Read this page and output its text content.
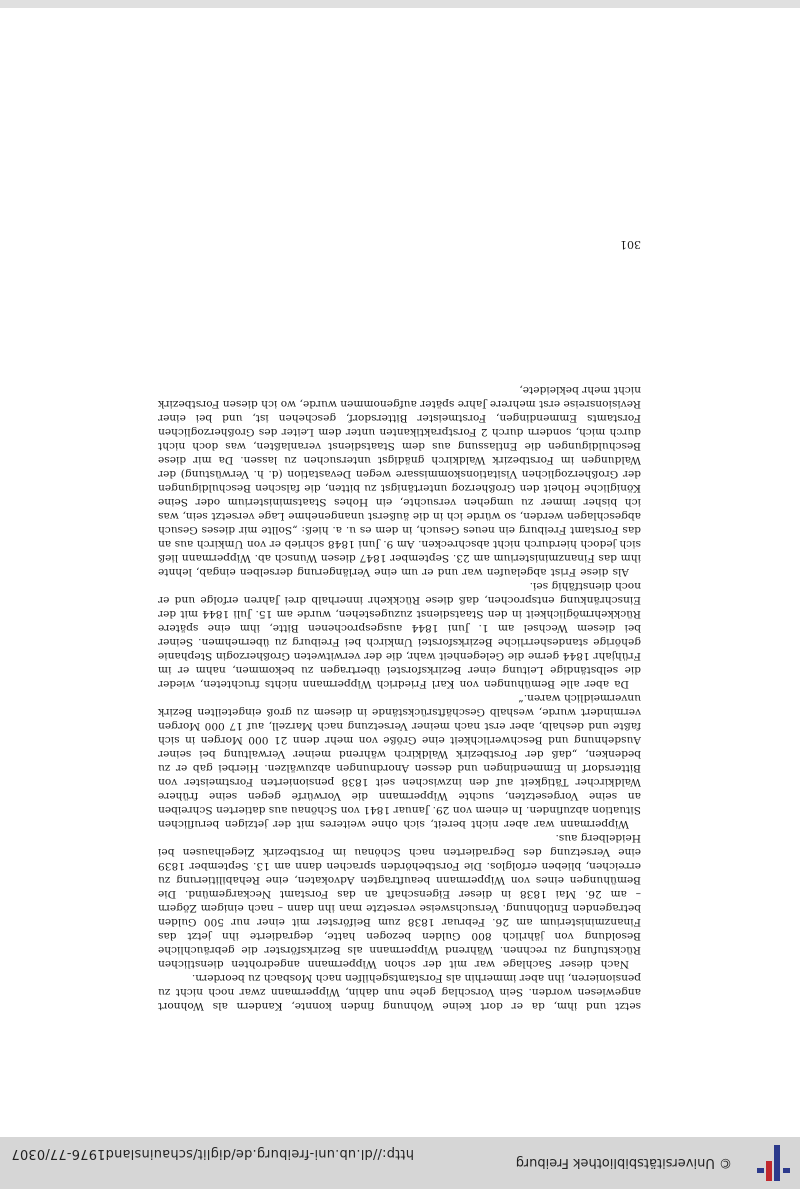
setzt und ihm, da er dort keine Wohnung finden konnte, Kandern als Wohnort angewiesen worden. Sein Vorschlag gehe nun dahin, Wippermann zwar noch nicht zu pensionieren, ihn aber immerhin als Forstamtsgehilfen nach Mosbach zu beordern.

Nach dieser Sachlage war mit der schon Wippermann angedrohten dienstlichen Rückstufung zu rechnen. Während Wippermann als Bezirksförster die gebräuchliche Besoldung von jährlich 800 Gulden bezogen hatte, degradierte ihn jetzt das Finanzministerium am 26. Februar 1838 zum Beiförster mit einer nur 500 Gulden betragenden Entlohnung. Versuchsweise versetzte man ihn dann – nach einigem Zögern – am 26. Mai 1838 in dieser Eigenschaft an das Forstamt Neckargemünd. Die Bemühungen eines von Wippermann beauftragten Advokaten, eine Rehabilitierung zu erreichen, blieben erfolglos. Die Forstbehörden sprachen dann am 13. September 1839 eine Versetzung des Degradierten nach Schönau im Forstbezirk Ziegelhausen bei Heidelberg aus.

Wippermann war aber nicht bereit, sich ohne weiteres mit der jetzigen beruflichen Situation abzufinden. In einem von 29. Januar 1841 von Schönau aus datierten Schreiben an seine Vorgesetzten, suchte Wippermann die Vorwürfe gegen seine frühere Waldkircher Tätigkeit auf den inzwischen seit 1838 pensionierten Forstmeister von Bittersdorf in Emmendingen und dessen Anordnungen abzuwälzen. Hierbei gab er zu bedenken, „daß der Forstbezirk Waldkirch während meiner Verwaltung bei seiner Ausdehnung und Beschwerlichkeit eine Größe von mehr denn 21 000 Morgen in sich faßte und deshalb, aber erst nach meiner Versetzung nach Marzell, auf 17 000 Morgen vermindert wurde, weshalb Geschäftsrückstände in diesem zu groß eingeteilten Bezirk unvermeidlich waren.“

Da aber alle Bemühungen von Karl Friedrich Wippermann nichts fruchteten, wieder die selbständige Leitung einer Bezirksforstei übertragen zu bekommen, nahm er im Frühjahr 1844 gerne die Gelegenheit wahr, die der verwitweten Großherzogin Stephanie gehörige standesherrliche Bezirksforstei Umkirch bei Freiburg zu übernehmen. Seiner bei diesem Wechsel am 1. Juni 1844 ausgesprochenen Bitte, ihm eine spätere Rückkehrmöglichkeit in den Staatsdienst zuzugestehen, wurde am 15. Juli 1844 mit der Einschränkung entsprochen, daß diese Rückkehr innerhalb drei Jahren erfolge und er noch dienstfähig sei.

Als diese Frist abgelaufen war und er um eine Verlängerung derselben eingab, lehnte ihm das Finanzministerium am 23. September 1847 diesen Wunsch ab. Wippermann ließ sich jedoch hierdurch nicht abschrecken. Am 9. Juni 1848 schrieb er von Umkirch aus an das Forstamt Freiburg ein neues Gesuch, in dem es u. a. hieß: „Sollte mir dieses Gesuch abgeschlagen werden, so würde ich in die äußerst unangenehme Lage versetzt sein, was ich bisher immer zu umgehen versuchte, ein Hohes Staatsministerium oder Seine Königliche Hoheit den Großherzog untertänigst zu bitten, die falschen Beschuldigungen der Großherzoglichen Visitationskommissare wegen Devastation (d. h. Verwüstung) der Waldungen im Forstbezirk Waldkirch gnädigst untersuchen zu lassen. Da mir diese Beschuldigungen die Entlassung aus dem Staatsdienst veranlaßten, was doch nicht durch mich, sondern durch 2 Forstpraktikanten unter dem Leiter des Großherzoglichen Forstamts Emmendingen, Forstmeister Bittersdorf, geschehen ist, und bei einer Revisionsreise erst mehrere Jahre später aufgenommen wurde, wo ich diesen Forstbezirk nicht mehr bekleidete,

301
© Universitätsbibliothek Freiburg
http://dl.ub.uni-freiburg.de/diglit/schauinsland1976-77/0307
